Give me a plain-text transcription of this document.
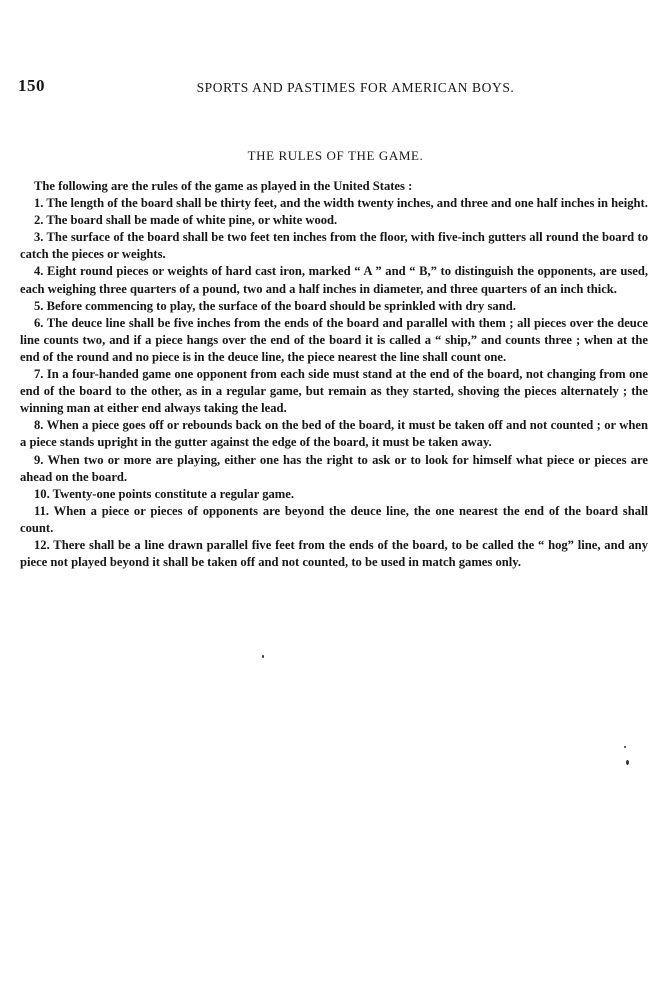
150	SPORTS AND PASTIMES FOR AMERICAN BOYS.
THE RULES OF THE GAME.

The following are the rules of the game as played in the United States :

1. The length of the board shall be thirty feet, and the width twenty inches, and three and one half inches in height.

2. The board shall be made of white pine, or white wood.

3. The surface of the board shall be two feet ten inches from the floor, with five-inch gutters all round the board to catch the pieces or weights.

4. Eight round pieces or weights of hard cast iron, marked “ A ” and “ B,” to distinguish the opponents, are used, each weighing three quarters of a pound, two and a half inches in diameter, and three quarters of an inch thick.

5. Before commencing to play, the surface of the board should be sprinkled with dry sand.

6. The deuce line shall be five inches from the ends of the board and parallel with them ; all pieces over the deuce line counts two, and if a piece hangs over the end of the board it is called a “ ship,” and counts three ; when at the end of the round and no piece is in the deuce line, the piece nearest the line shall count one.

7. In a four-handed game one opponent from each side must stand at the end of the board, not changing from one end of the board to the other, as in a regular game, but remain as they started, shoving the pieces alternately ; the winning man at either end always taking the lead.

8. When a piece goes off or rebounds back on the bed of the board, it must be taken off and not counted ; or when a piece stands upright in the gutter against the edge of the board, it must be taken away.

9. When two or more are playing, either one has the right to ask or to look for himself what piece or pieces are ahead on the board.

10. Twenty-one points constitute a regular game.

11. When a piece or pieces of opponents are beyond the deuce line, the one nearest the end of the board shall count.

12. There shall be a line drawn parallel five feet from the ends of the board, to be called the “ hog” line, and any piece not played beyond it shall be taken off and not counted, to be used in match games only.
